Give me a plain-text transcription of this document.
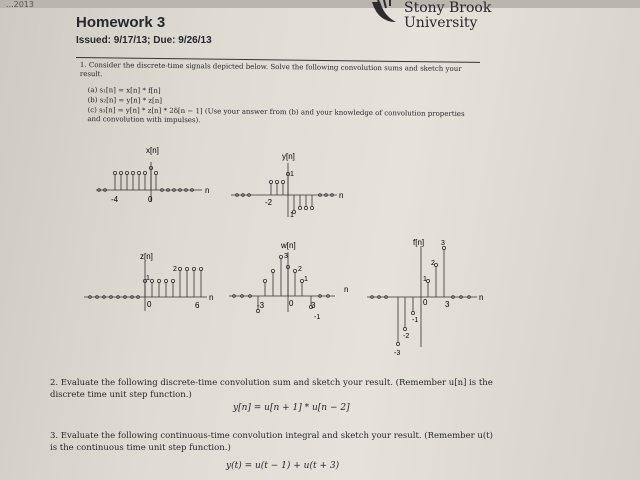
...2013
Homework 3
Issued: 9/17/13; Due: 9/26/13
Stony Brook
University
1. Consider the discrete-time signals depicted below. Solve the following convolution sums and sketch your result.
(a) s₁[n] = x[n] * f[n]
(b) s₂[n] = y[n] * z[n]
(c) s₃[n] = y[n] * z[n] * 2δ[n − 1] (Use your answer from (b) and your knowledge of convolution properties and convolution with impulses).
x[n]
n
-4	0
y[n]
n
-2
1
1
z[n]
n
0	6
1
2
w[n]
n
-3	0 3
-1
3
2
1
f[n]
n
0 3
3
2
1
-1
-2
-3
2. Evaluate the following discrete-time convolution sum and sketch your result. (Remember u[n] is the discrete time unit step function.)
y[n] = u[n + 1] * u[n − 2]
3. Evaluate the following continuous-time convolution integral and sketch your result. (Remember u(t) is the continuous time unit step function.)
y(t) = u(t − 1) + u(t + 3)
